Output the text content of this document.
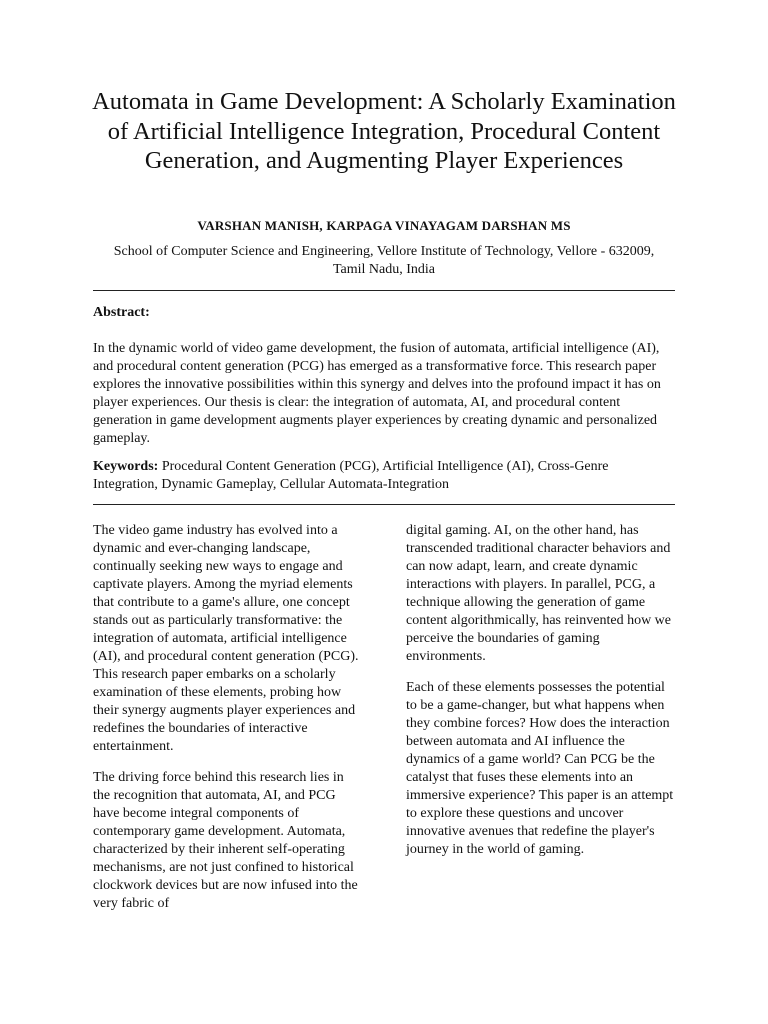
Automata in Game Development: A Scholarly Examination of Artificial Intelligence Integration, Procedural Content Generation, and Augmenting Player Experiences

VARSHAN MANISH, KARPAGA VINAYAGAM DARSHAN MS

School of Computer Science and Engineering, Vellore Institute of Technology, Vellore - 632009, Tamil Nadu, India

Abstract:

In the dynamic world of video game development, the fusion of automata, artificial intelligence (AI), and procedural content generation (PCG) has emerged as a transformative force. This research paper explores the innovative possibilities within this synergy and delves into the profound impact it has on player experiences. Our thesis is clear: the integration of automata, AI, and procedural content generation in game development augments player experiences by creating dynamic and personalized gameplay.

Keywords: Procedural Content Generation (PCG), Artificial Intelligence (AI), Cross-Genre Integration, Dynamic Gameplay, Cellular Automata-Integration

The video game industry has evolved into a dynamic and ever-changing landscape, continually seeking new ways to engage and captivate players. Among the myriad elements that contribute to a game's allure, one concept stands out as particularly transformative: the integration of automata, artificial intelligence (AI), and procedural content generation (PCG). This research paper embarks on a scholarly examination of these elements, probing how their synergy augments player experiences and redefines the boundaries of interactive entertainment.

The driving force behind this research lies in the recognition that automata, AI, and PCG have become integral components of contemporary game development. Automata, characterized by their inherent self-operating mechanisms, are not just confined to historical clockwork devices but are now infused into the very fabric of

digital gaming. AI, on the other hand, has transcended traditional character behaviors and can now adapt, learn, and create dynamic interactions with players. In parallel, PCG, a technique allowing the generation of game content algorithmically, has reinvented how we perceive the boundaries of gaming environments.

Each of these elements possesses the potential to be a game-changer, but what happens when they combine forces? How does the interaction between automata and AI influence the dynamics of a game world? Can PCG be the catalyst that fuses these elements into an immersive experience? This paper is an attempt to explore these questions and uncover innovative avenues that redefine the player's journey in the world of gaming.
